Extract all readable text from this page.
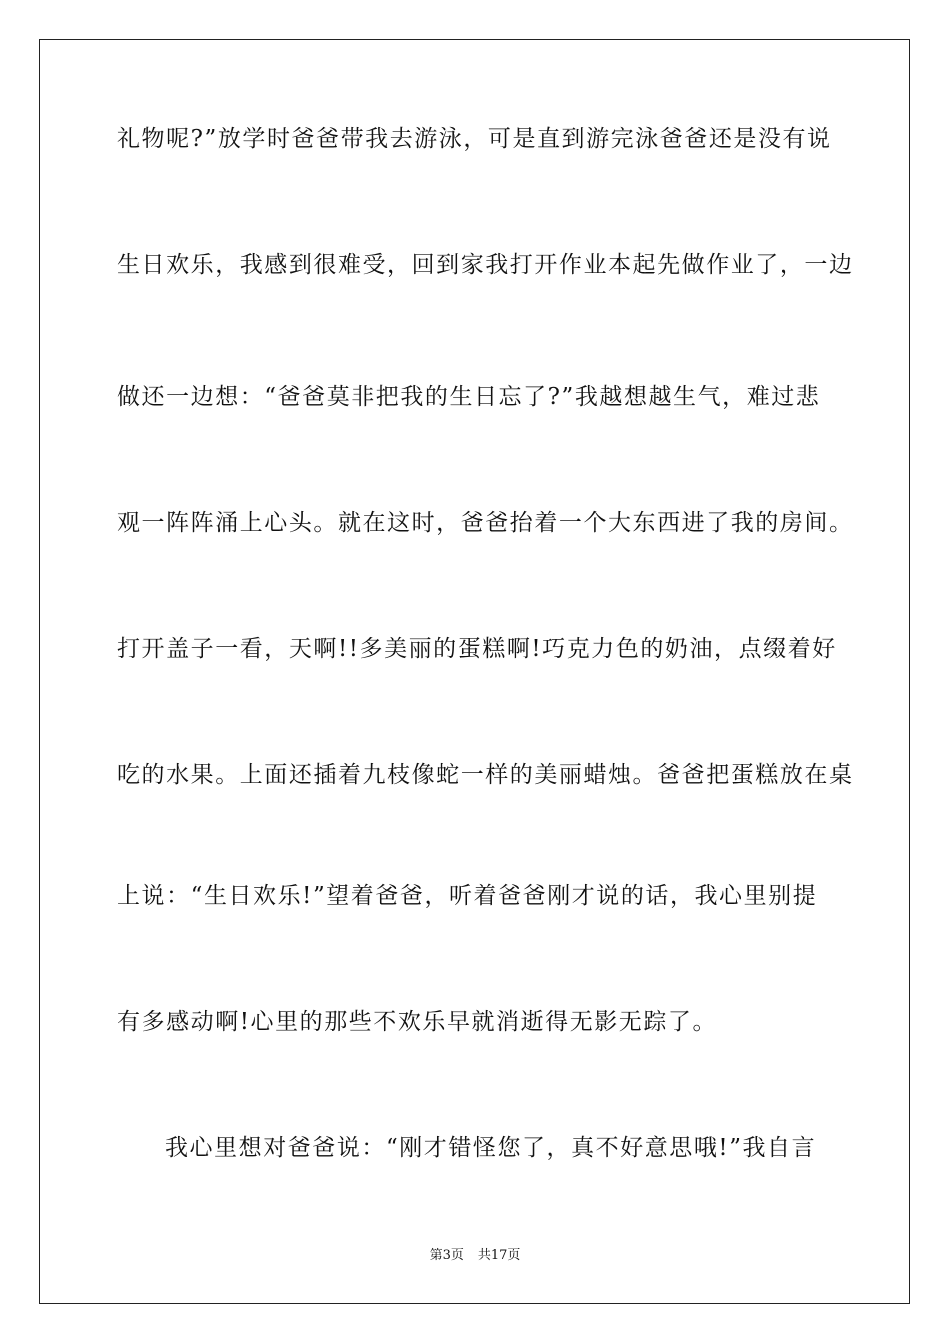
礼物呢?”放学时爸爸带我去游泳，可是直到游完泳爸爸还是没有说
生日欢乐，我感到很难受，回到家我打开作业本起先做作业了，一边
做还一边想：“爸爸莫非把我的生日忘了?”我越想越生气，难过悲
观一阵阵涌上心头。就在这时，爸爸抬着一个大东西进了我的房间。
打开盖子一看，天啊!!多美丽的蛋糕啊!巧克力色的奶油，点缀着好
吃的水果。上面还插着九枝像蛇一样的美丽蜡烛。爸爸把蛋糕放在桌
上说：“生日欢乐!”望着爸爸，听着爸爸刚才说的话，我心里别提
有多感动啊!心里的那些不欢乐早就消逝得无影无踪了。
我心里想对爸爸说：“刚才错怪您了，真不好意思哦!”我自言
第3页 共17页
